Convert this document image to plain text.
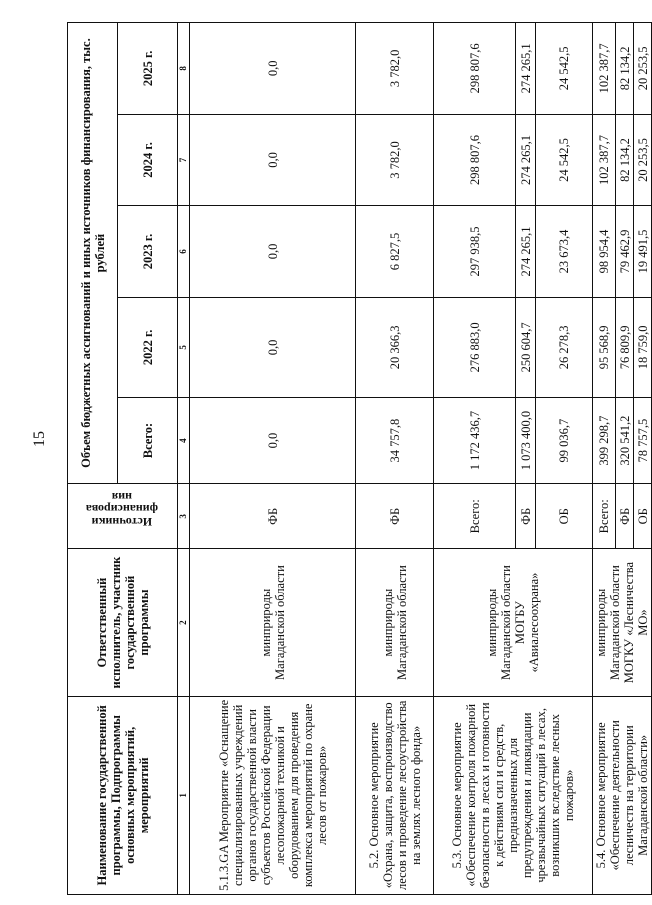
15
Наименование государственной программы, Подпрограммы основных мероприятий, мероприятий	Ответственный исполнитель, участник государственной программы	Источники
финансирова
ния	Объем бюджетных ассигнований и иных источников финансирования, тыс. рублей				
			Всего:	2022 г.	2023 г.	2024 г.	2025 г.
1	2	3	4	5	6	7	8
5.1.3.GA Мероприятие «Оснащение специализированных учреждений органов государственной власти субъектов Российской Федерации лесопожарной техникой и оборудованием для проведения комплекса мероприятий по охране лесов от пожаров»	минприроды Магаданской области	ФБ	0,0	0,0	0,0	0,0	0,0
5.2. Основное мероприятие «Охрана, защита, воспроизводство лесов и проведение лесоустройства на землях лесного фонда»	минприроды Магаданской области	ФБ	34 757,8	20 366,3	6 827,5	3 782,0	3 782,0
5.3. Основное мероприятие «Обеспечение контроля пожарной безопасности в лесах и готовности к действиям сил и средств, предназначенных для предупреждения и ликвидации чрезвычайных ситуаций в лесах, возникших вследствие лесных пожаров»	минприроды Магаданской области МОГБУ «Авиалесоохрана»	Всего:	1 172 436,7	276 883,0	297 938,5	298 807,6	298 807,6
		ФБ	1 073 400,0	250 604,7	274 265,1	274 265,1	274 265,1
		ОБ	99 036,7	26 278,3	23 673,4	24 542,5	24 542,5
5.4. Основное мероприятие «Обеспечение деятельности лесничеств на территории Магаданской области»	минприроды Магаданской области МОГКУ «Лесничества МО»	Всего:	399 298,7	95 568,9	98 954,4	102 387,7	102 387,7
		ФБ	320 541,2	76 809,9	79 462,9	82 134,2	82 134,2
		ОБ	78 757,5	18 759,0	19 491,5	20 253,5	20 253,5
